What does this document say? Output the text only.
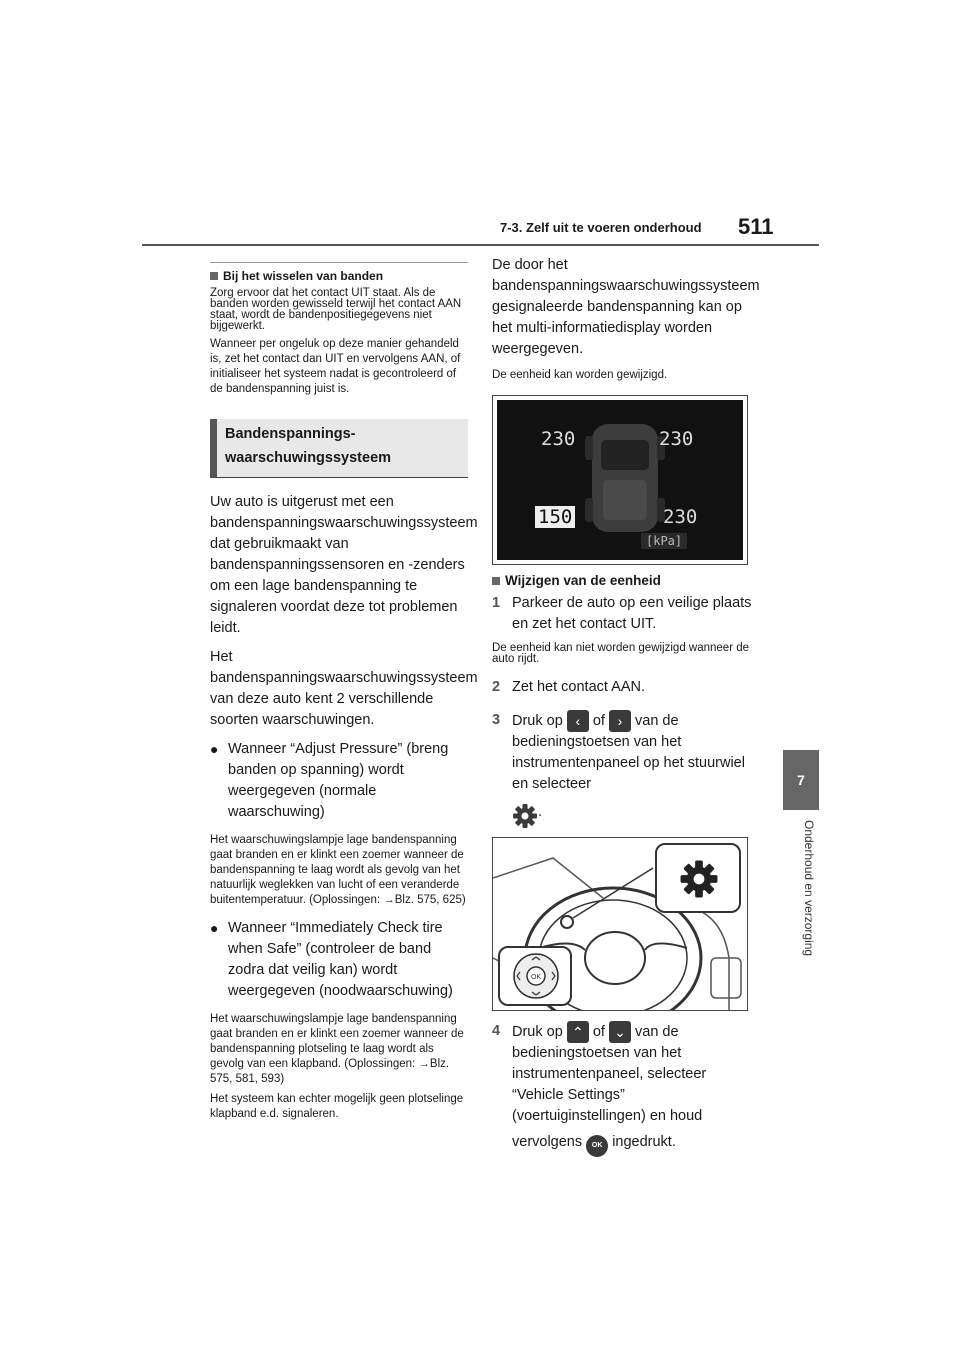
7-3. Zelf uit te voeren onderhoud 511
7
Onderhoud en verzorging
Bij het wisselen van banden

Zorg ervoor dat het contact UIT staat. Als de banden worden gewisseld terwijl het contact AAN staat, wordt de bandenpositiegegevens niet bijgewerkt.

Wanneer per ongeluk op deze manier gehandeld is, zet het contact dan UIT en vervolgens AAN, of initialiseer het systeem nadat is gecontroleerd of de bandenspanning juist is.

Bandenspannings-waarschuwingssysteem

Uw auto is uitgerust met een bandenspanningswaarschuwingssysteem dat gebruikmaakt van bandenspanningssensoren en -zenders om een lage bandenspanning te signaleren voordat deze tot problemen leidt.

Het bandenspanningswaarschuwingssysteem van deze auto kent 2 verschillende soorten waarschuwingen.

● Wanneer “Adjust Pressure” (breng banden op spanning) wordt weergegeven (normale waarschuwing)

Het waarschuwingslampje lage bandenspanning gaat branden en er klinkt een zoemer wanneer de bandenspanning te laag wordt als gevolg van het natuurlijk weglekken van lucht of een veranderde buitentemperatuur. (Oplossingen: →Blz. 575, 625)

● Wanneer “Immediately Check tire when Safe” (controleer de band zodra dat veilig kan) wordt weergegeven (noodwaarschuwing)

Het waarschuwingslampje lage bandenspanning gaat branden en er klinkt een zoemer wanneer de bandenspanning plotseling te laag wordt als gevolg van een klapband. (Oplossingen: →Blz. 575, 581, 593)

Het systeem kan echter mogelijk geen plotselinge klapband e.d. signaleren.

De door het bandenspanningswaarschuwingssysteem gesignaleerde bandenspanning kan op het multi-informatiedisplay worden weergegeven.

De eenheid kan worden gewijzigd.

230	230
150	230
[kPa]
Wijzigen van de eenheid
1 Parkeer de auto op een veilige plaats en zet het contact UIT.

De eenheid kan niet worden gewijzigd wanneer de auto rijdt.

2 Zet het contact AAN.
3 Druk op ‹ of › van de bedieningstoetsen van het instrumentenpaneel op het stuurwiel en selecteer
.
OK
4 Druk op ⌃ of ⌄ van de bedieningstoetsen van het instrumentenpaneel, selecteer “Vehicle Settings” (voertuiginstellingen) en houd vervolgens OK ingedrukt.
